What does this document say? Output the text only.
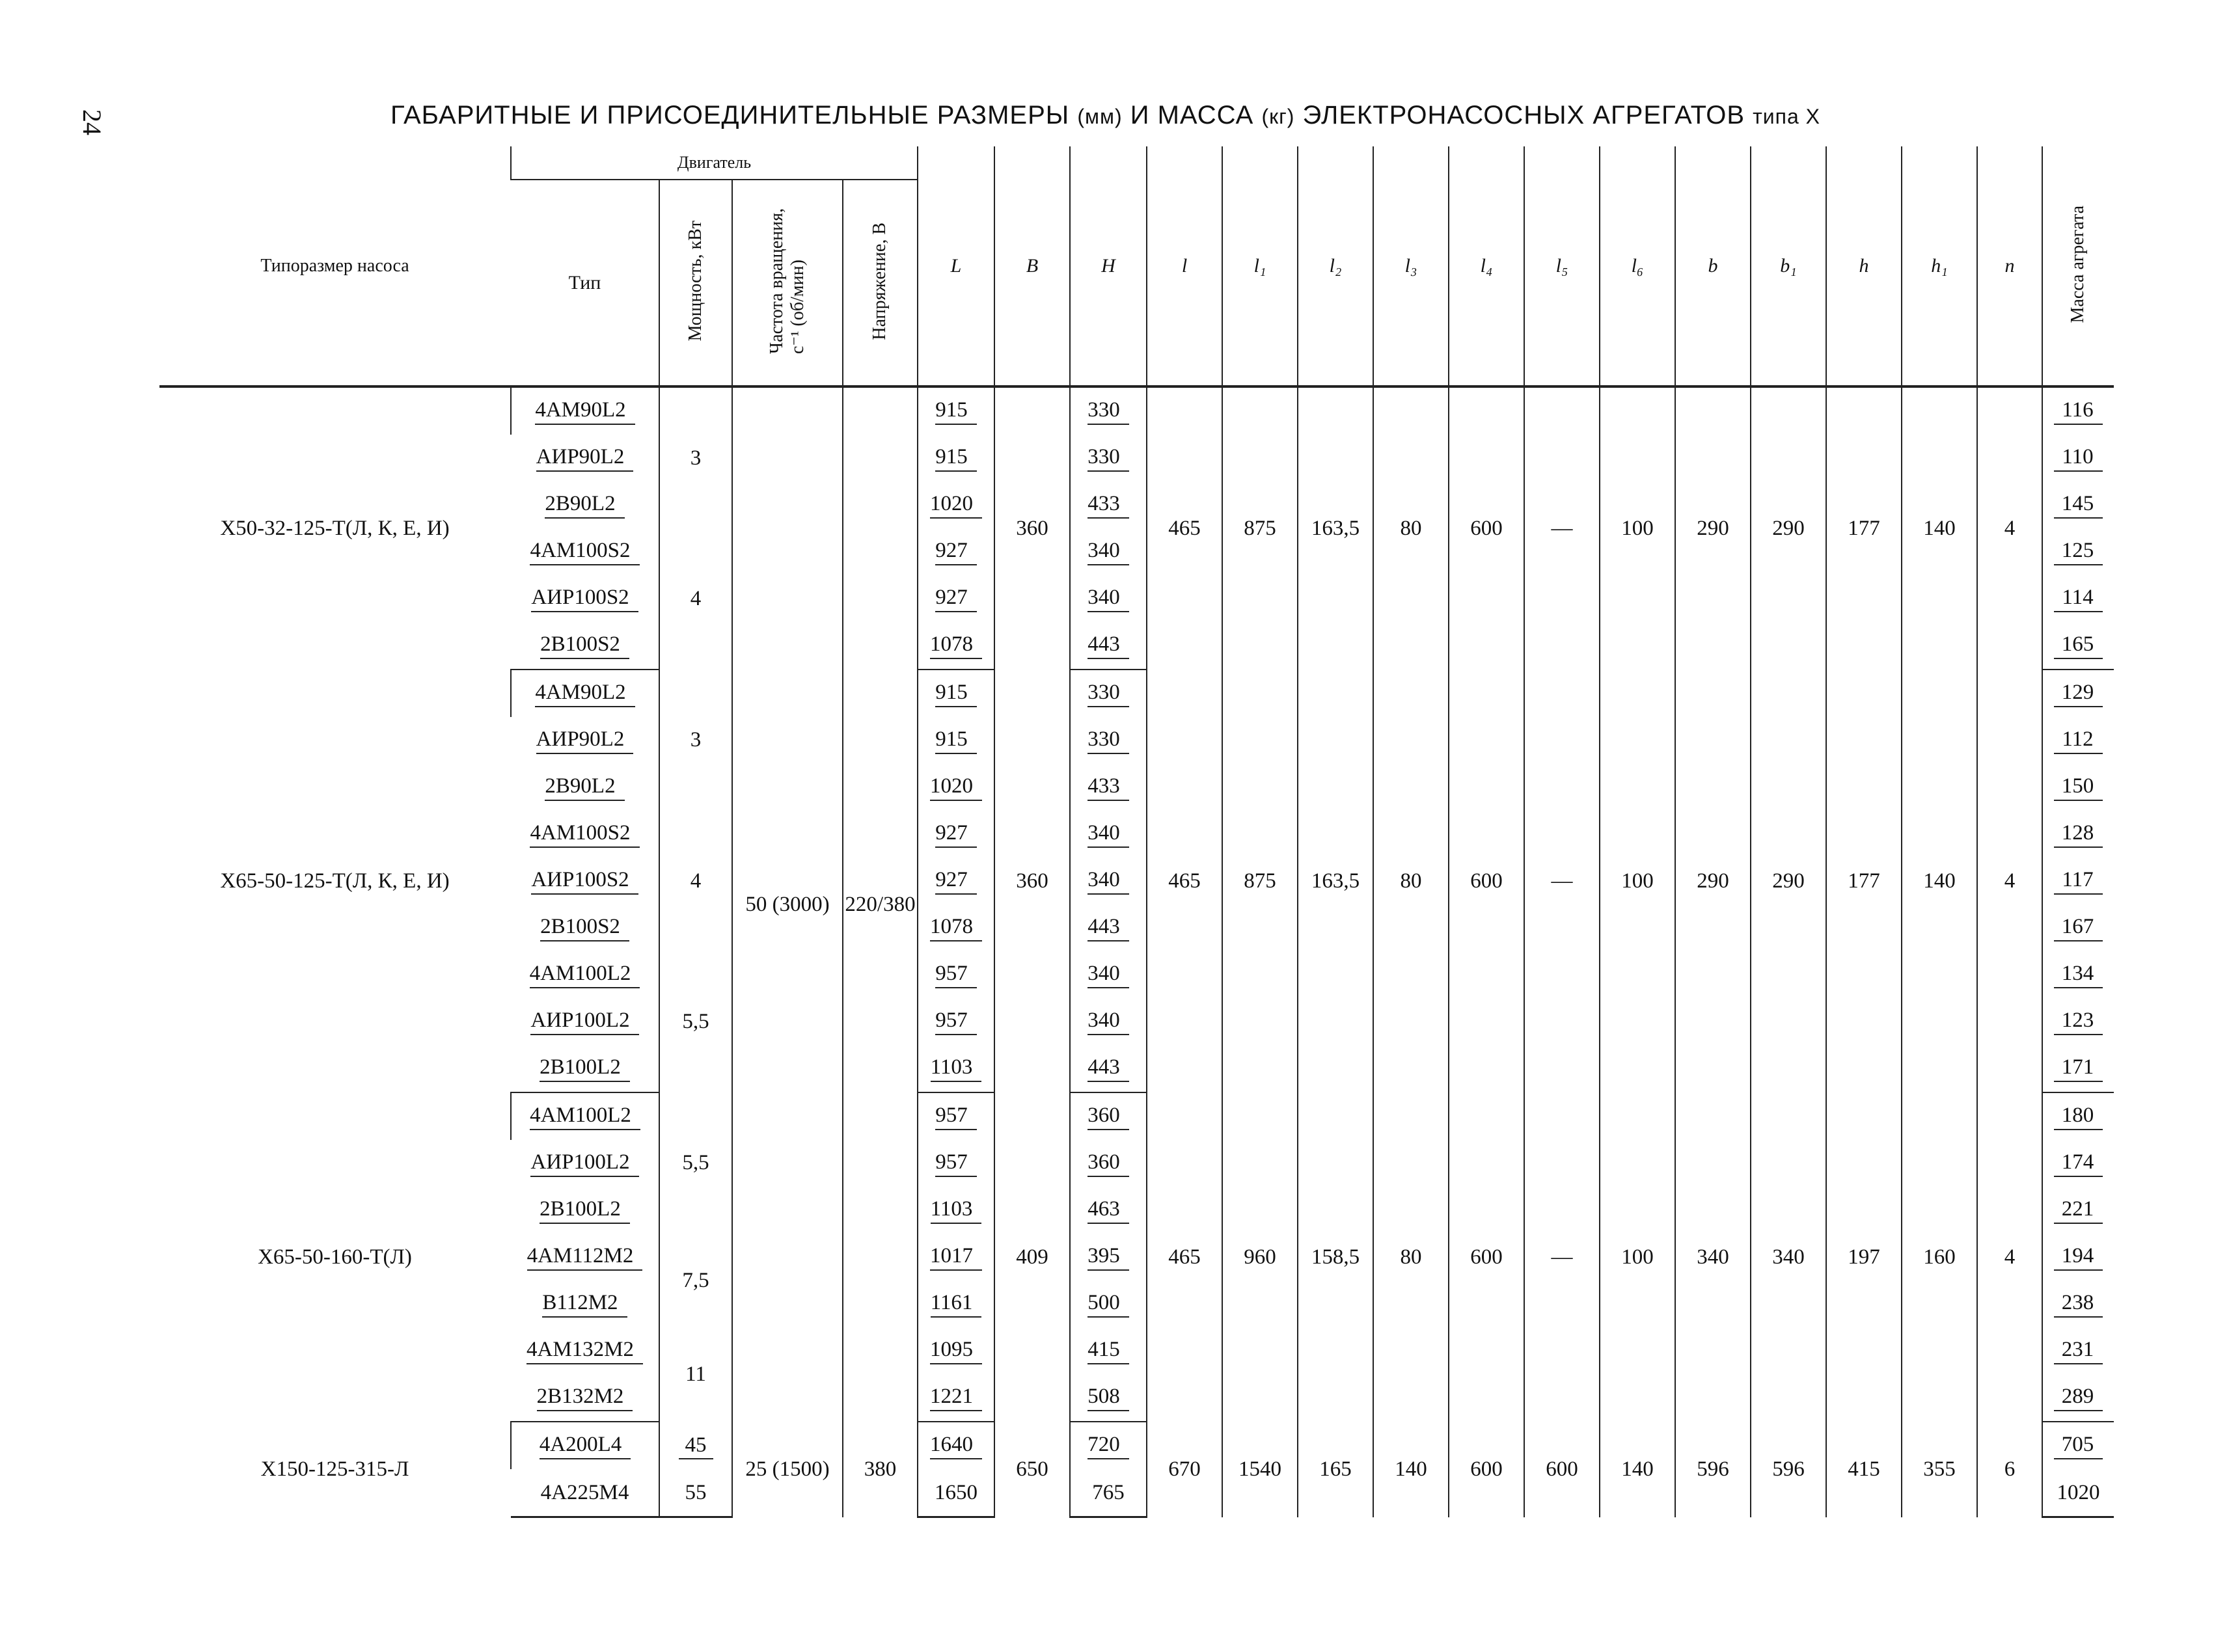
24	ГАБАРИТНЫЕ И ПРИСОЕДИНИТЕЛЬНЫЕ РАЗМЕРЫ (мм) И МАССА (кг) ЭЛЕКТРОНАСОСНЫХ АГРЕГАТОВ типа Х
Типоразмер насоса	Двигатель				L	B	H	l	l₁	l₂	l₃	l₄	l₅	l₆	b	b₁	h	h₁	n	Масса агрегата
	Тип	Мощность, кВт	Частота вращения,
с⁻¹ (об/мин)	Напряжение, В																

Х50-32-125-Т(Л, К, Е, И)	4АМ90L2	3	50 (3000)	220/380	915	360	330	465	875	163,5	80	600	—	100	290	290	177	140	4	116
	АИР90L2				915		330													110
	2В90L2				1020		433													145
	4АМ100S2	4			927		340													125
	АИР100S2				927		340													114
	2В100S2				1078		443													165
Х65-50-125-Т(Л, К, Е, И)	4АМ90L2	3			915	360	330	465	875	163,5	80	600	—	100	290	290	177	140	4	129
	АИР90L2				915		330													112
	2В90L2				1020		433													150
	4АМ100S2	4			927		340													128
	АИР100S2				927		340													117
	2В100S2				1078		443													167
	4АМ100L2	5,5			957		340													134
	АИР100L2				957		340													123
	2В100L2				1103		443													171
Х65-50-160-Т(Л)	4АМ100L2	5,5			957	409	360	465	960	158,5	80	600	—	100	340	340	197	160	4	180
	АИР100L2				957		360													174
	2В100L2				1103		463													221
	4АМ112М2	7,5			1017		395													194
	В112М2				1161		500													238
	4АМ132М2	11			1095		415													231
	2В132М2				1221		508													289
Х150-125-315-Л	4А200L4	45	25 (1500)	380	1640	650	720	670	1540	165	140	600	600	140	596	596	415	355	6	705
	4А225М4	55			1650		765													1020
